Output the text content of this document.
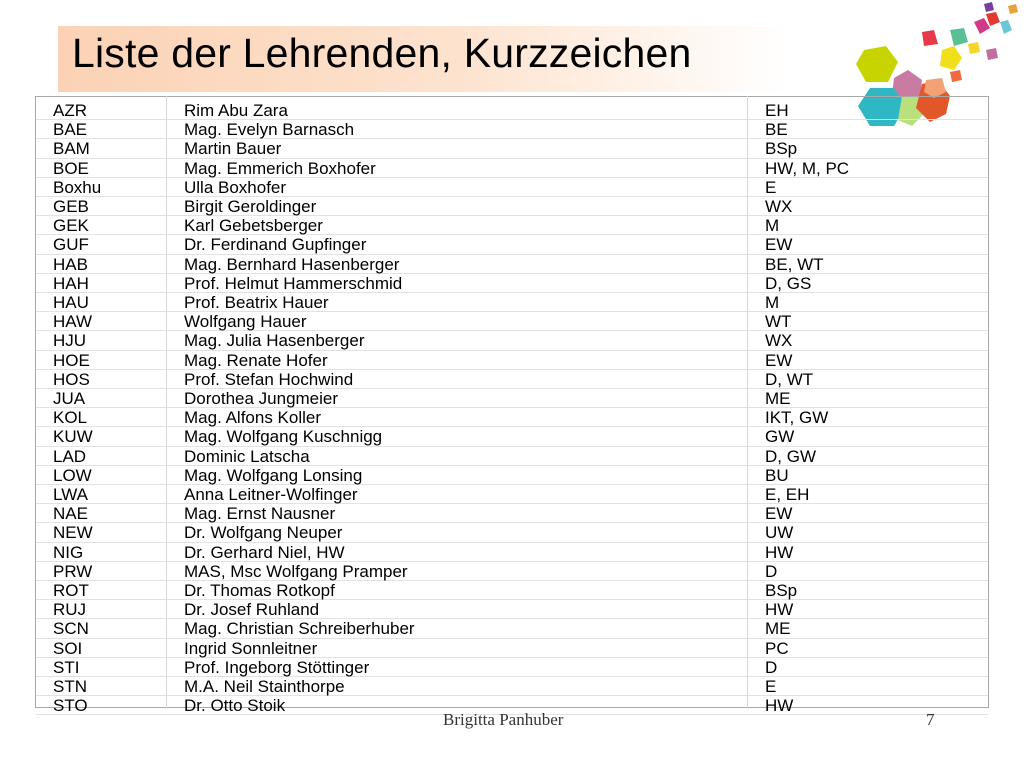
Liste der Lehrenden, Kurzzeichen
AZR	Rim Abu Zara	EH
BAE	Mag. Evelyn Barnasch	BE
BAM	Martin Bauer	BSp
BOE	Mag. Emmerich Boxhofer	HW, M, PC
Boxhu	Ulla Boxhofer	E
GEB	Birgit Geroldinger	WX
GEK	Karl Gebetsberger	M
GUF	Dr. Ferdinand Gupfinger	EW
HAB	Mag. Bernhard Hasenberger	BE, WT
HAH	Prof. Helmut Hammerschmid	D, GS
HAU	Prof. Beatrix Hauer	M
HAW	Wolfgang Hauer	WT
HJU	Mag. Julia Hasenberger	WX
HOE	Mag. Renate Hofer	EW
HOS	Prof. Stefan Hochwind	D, WT
JUA	Dorothea Jungmeier	ME
KOL	Mag. Alfons Koller	IKT, GW
KUW	Mag. Wolfgang Kuschnigg	GW
LAD	Dominic Latscha	D, GW
LOW	Mag. Wolfgang Lonsing	BU
LWA	Anna Leitner-Wolfinger	E, EH
NAE	Mag. Ernst Nausner	EW
NEW	Dr. Wolfgang Neuper	UW
NIG	Dr. Gerhard Niel, HW	HW
PRW	MAS, Msc Wolfgang Pramper	D
ROT	Dr. Thomas Rotkopf	BSp
RUJ	Dr. Josef Ruhland	HW
SCN	Mag. Christian Schreiberhuber	ME
SOI	Ingrid Sonnleitner	PC
STI	Prof. Ingeborg Stöttinger	D
STN	M.A. Neil Stainthorpe	E
STO	Dr. Otto Stoik	HW
Brigitta Panhuber	7
